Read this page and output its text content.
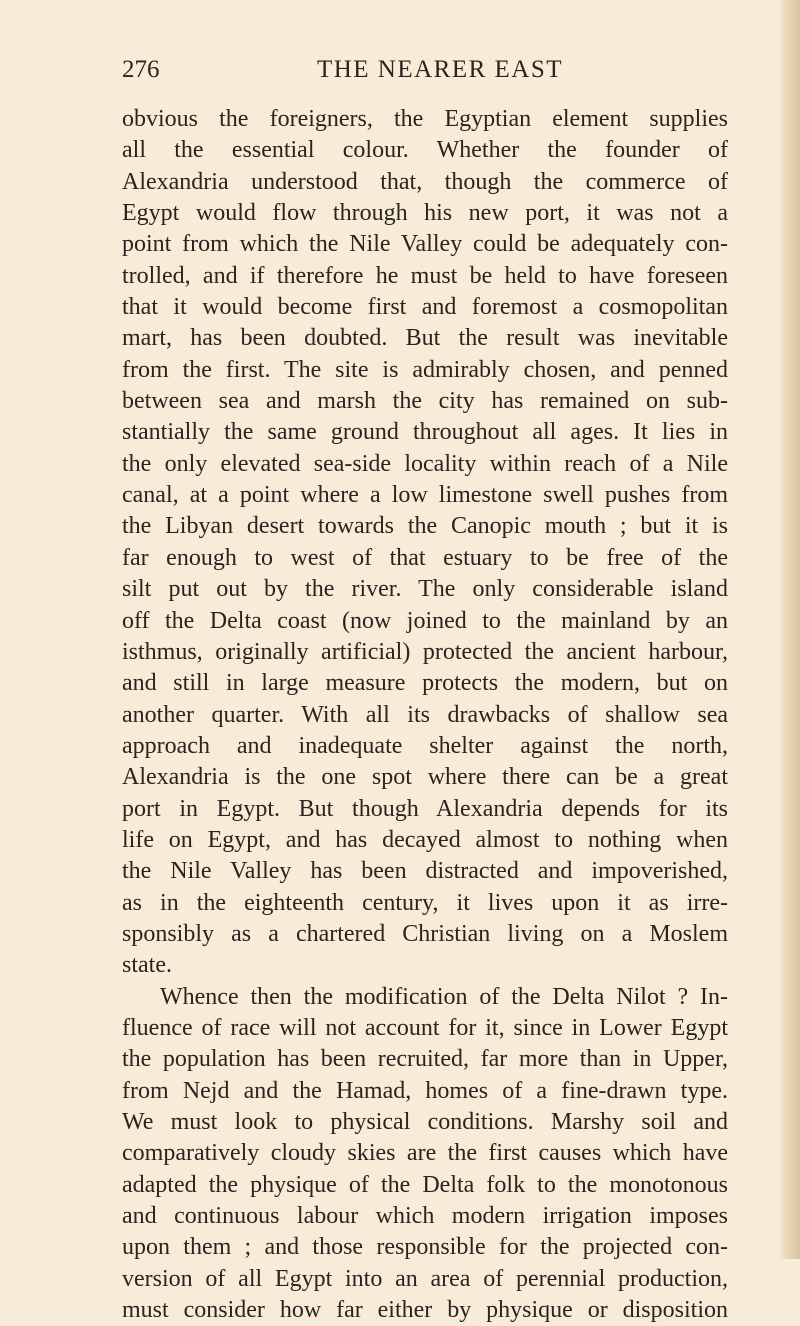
276	THE NEARER EAST
obvious the foreigners, the Egyptian element supplies
all the essential colour. Whether the founder of
Alexandria understood that, though the commerce of
Egypt would flow through his new port, it was not a
point from which the Nile Valley could be adequately con-
trolled, and if therefore he must be held to have foreseen
that it would become first and foremost a cosmopolitan
mart, has been doubted. But the result was inevitable
from the first. The site is admirably chosen, and penned
between sea and marsh the city has remained on sub-
stantially the same ground throughout all ages. It lies in
the only elevated sea-side locality within reach of a Nile
canal, at a point where a low limestone swell pushes from
the Libyan desert towards the Canopic mouth ; but it is
far enough to west of that estuary to be free of the
silt put out by the river. The only considerable island
off the Delta coast (now joined to the mainland by an
isthmus, originally artificial) protected the ancient harbour,
and still in large measure protects the modern, but on
another quarter. With all its drawbacks of shallow sea
approach and inadequate shelter against the north,
Alexandria is the one spot where there can be a great
port in Egypt. But though Alexandria depends for its
life on Egypt, and has decayed almost to nothing when
the Nile Valley has been distracted and impoverished,
as in the eighteenth century, it lives upon it as irre-
sponsibly as a chartered Christian living on a Moslem
state.
Whence then the modification of the Delta Nilot ? In-
fluence of race will not account for it, since in Lower Egypt
the population has been recruited, far more than in Upper,
from Nejd and the Hamad, homes of a fine-drawn type.
We must look to physical conditions. Marshy soil and
comparatively cloudy skies are the first causes which have
adapted the physique of the Delta folk to the monotonous
and continuous labour which modern irrigation imposes
upon them ; and those responsible for the projected con-
version of all Egypt into an area of perennial production,
must consider how far either by physique or disposition
